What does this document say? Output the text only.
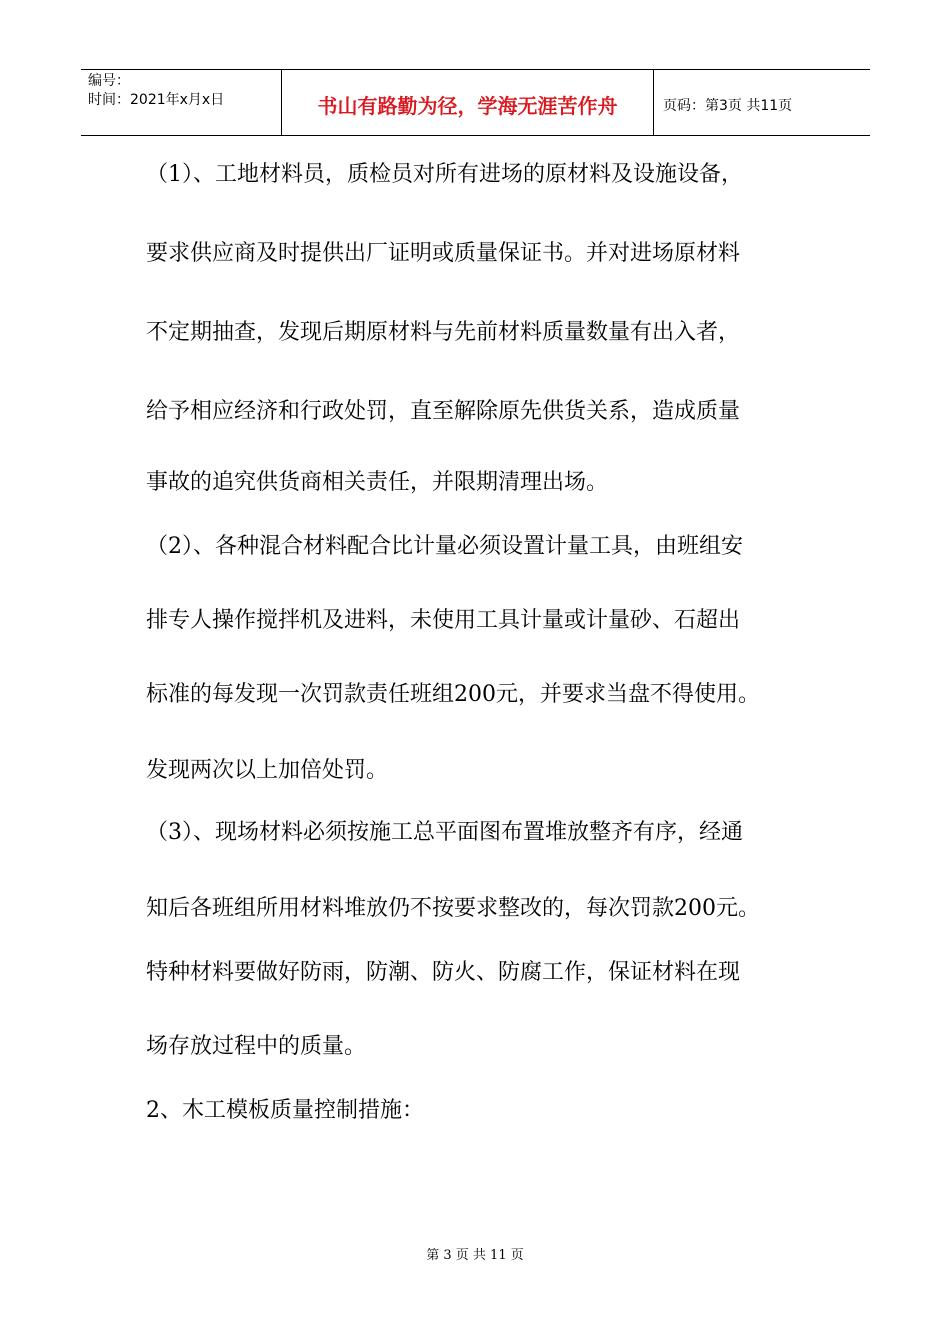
编号：
时间：2021年x月x日	书山有路勤为径，学海无涯苦作舟	页码：第3页 共11页
（1）、工地材料员，质检员对所有进场的原材料及设施设备，
要求供应商及时提供出厂证明或质量保证书。并对进场原材料
不定期抽查，发现后期原材料与先前材料质量数量有出入者，
给予相应经济和行政处罚，直至解除原先供货关系，造成质量
事故的追究供货商相关责任，并限期清理出场。
（2）、各种混合材料配合比计量必须设置计量工具，由班组安
排专人操作搅拌机及进料，未使用工具计量或计量砂、石超出
标准的每发现一次罚款责任班组200元，并要求当盘不得使用。
发现两次以上加倍处罚。
（3）、现场材料必须按施工总平面图布置堆放整齐有序，经通
知后各班组所用材料堆放仍不按要求整改的，每次罚款200元。
特种材料要做好防雨，防潮、防火、防腐工作，保证材料在现
场存放过程中的质量。
2、木工模板质量控制措施：
第 3 页 共 11 页
